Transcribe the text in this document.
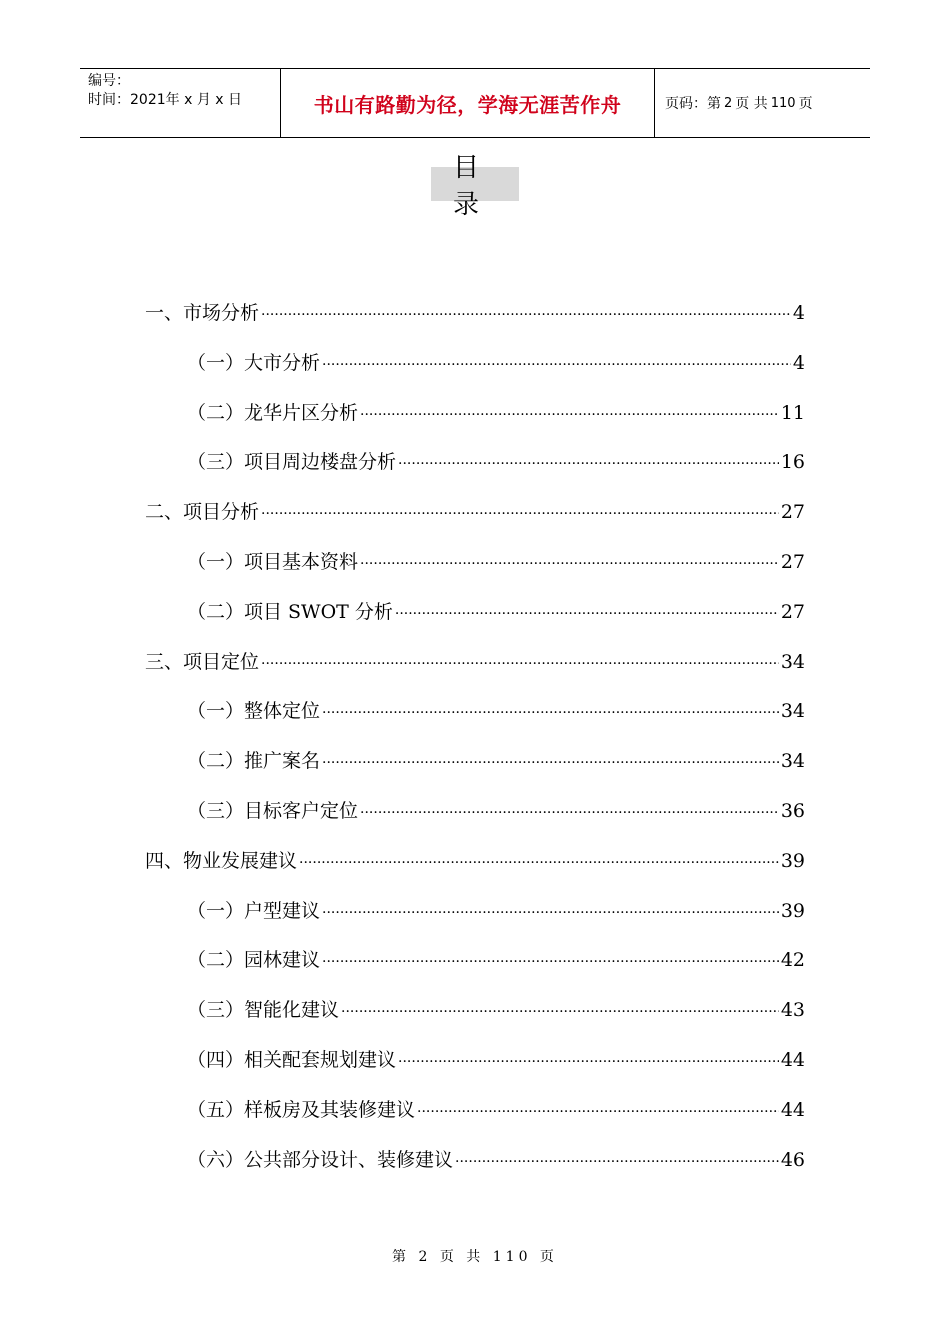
编号：
时间：2021年 x 月 x 日	书山有路勤为径，学海无涯苦作舟	页码：第 2 页 共 110 页
目录
一、市场分析 ·····	4
（一）大市分析 ·····	4
（二）龙华片区分析 ·····	11
（三）项目周边楼盘分析 ·····	16
二、项目分析 ·····	27
（一）项目基本资料 ·····	27
（二）项目 SWOT 分析 ·····	27
三、项目定位 ·····	34
（一）整体定位 ·····	34
（二）推广案名 ·····	34
（三）目标客户定位 ·····	36
四、物业发展建议 ·····	39
（一）户型建议 ·····	39
（二）园林建议 ·····	42
（三）智能化建议 ·····	43
（四）相关配套规划建议 ·····	44
（五）样板房及其装修建议 ·····	44
（六）公共部分设计、装修建议 ·····	46
第 2 页 共 110 页
